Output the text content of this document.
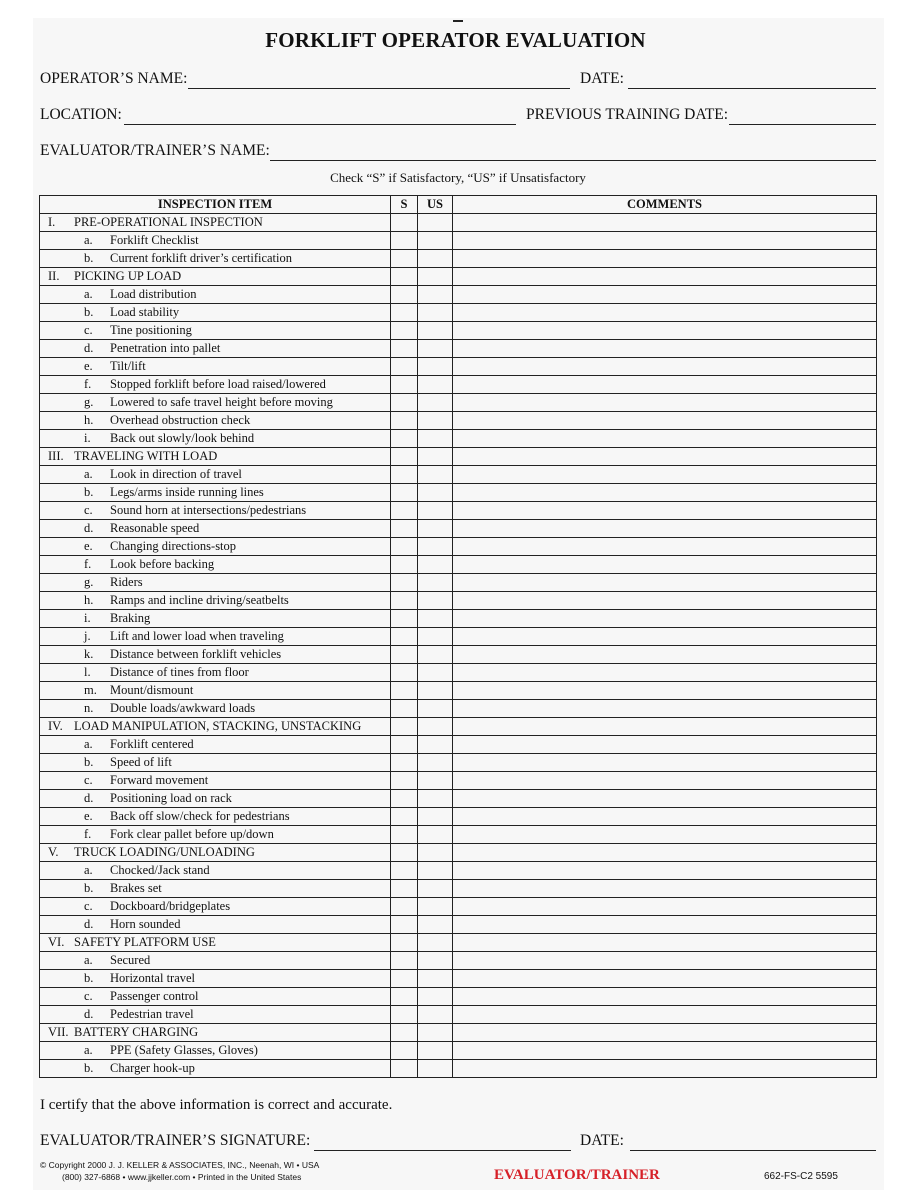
FORKLIFT OPERATOR EVALUATION
OPERATOR’S NAME:	DATE:
LOCATION:	PREVIOUS TRAINING DATE:
EVALUATOR/TRAINER’S NAME:
Check “S” if Satisfactory, “US” if Unsatisfactory
INSPECTION ITEM	S	US	COMMENTS
I. PRE-OPERATIONAL INSPECTION			
a. Forklift Checklist			
b. Current forklift driver’s certification			
II. PICKING UP LOAD			
a. Load distribution			
b. Load stability			
c. Tine positioning			
d. Penetration into pallet			
e. Tilt/lift			
f. Stopped forklift before load raised/lowered			
g. Lowered to safe travel height before moving			
h. Overhead obstruction check			
i. Back out slowly/look behind			
III. TRAVELING WITH LOAD			
a. Look in direction of travel			
b. Legs/arms inside running lines			
c. Sound horn at intersections/pedestrians			
d. Reasonable speed			
e. Changing directions-stop			
f. Look before backing			
g. Riders			
h. Ramps and incline driving/seatbelts			
i. Braking			
j. Lift and lower load when traveling			
k. Distance between forklift vehicles			
l. Distance of tines from floor			
m. Mount/dismount			
n. Double loads/awkward loads			
IV. LOAD MANIPULATION, STACKING, UNSTACKING			
a. Forklift centered			
b. Speed of lift			
c. Forward movement			
d. Positioning load on rack			
e. Back off slow/check for pedestrians			
f. Fork clear pallet before up/down			
V. TRUCK LOADING/UNLOADING			
a. Chocked/Jack stand			
b. Brakes set			
c. Dockboard/bridgeplates			
d. Horn sounded			
VI. SAFETY PLATFORM USE			
a. Secured			
b. Horizontal travel			
c. Passenger control			
d. Pedestrian travel			
VII. BATTERY CHARGING			
a. PPE (Safety Glasses, Gloves)			
b. Charger hook-up			
I certify that the above information is correct and accurate.
EVALUATOR/TRAINER’S SIGNATURE:	DATE:
© Copyright 2000 J. J. KELLER & ASSOCIATES, INC., Neenah, WI • USA
(800) 327-6868 • www.jjkeller.com • Printed in the United States	EVALUATOR/TRAINER	662-FS-C2 5595
